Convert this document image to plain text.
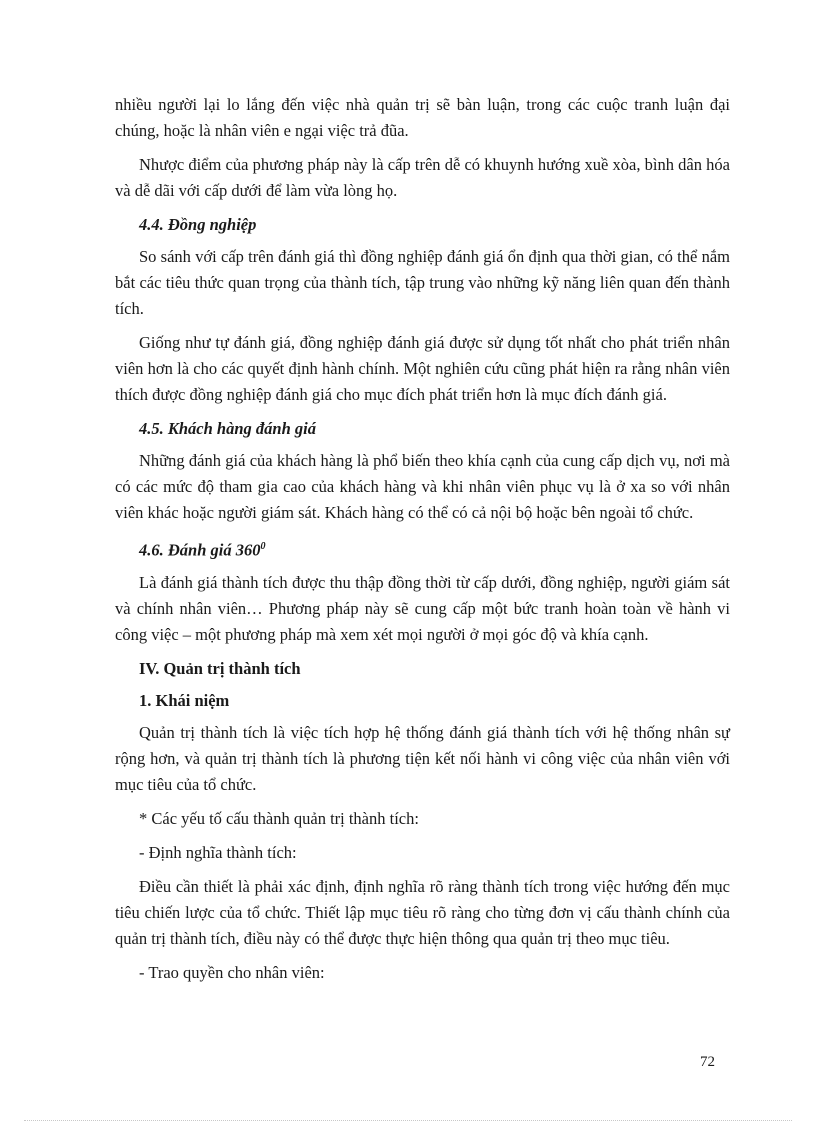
nhiều người lại lo lắng đến việc nhà quản trị sẽ bàn luận, trong các cuộc tranh luận đại chúng, hoặc là nhân viên e ngại việc trả đũa.

Nhược điểm của phương pháp này là cấp trên dễ có khuynh hướng xuề xòa, bình dân hóa và dễ dãi với cấp dưới để làm vừa lòng họ.

4.4. Đồng nghiệp

So sánh với cấp trên đánh giá thì đồng nghiệp đánh giá ổn định qua thời gian, có thể nắm bắt các tiêu thức quan trọng của thành tích, tập trung vào những kỹ năng liên quan đến thành tích.

Giống như tự đánh giá, đồng nghiệp đánh giá được sử dụng tốt nhất cho phát triển nhân viên hơn là cho các quyết định hành chính. Một nghiên cứu cũng phát hiện ra rằng nhân viên thích được đồng nghiệp đánh giá cho mục đích phát triển hơn là mục đích đánh giá.

4.5. Khách hàng đánh giá

Những đánh giá của khách hàng là phổ biến theo khía cạnh của cung cấp dịch vụ, nơi mà có các mức độ tham gia cao của khách hàng và khi nhân viên phục vụ là ở xa so với nhân viên khác hoặc người giám sát. Khách hàng có thể có cả nội bộ hoặc bên ngoài tổ chức.

4.6. Đánh giá $360^0$

Là đánh giá thành tích được thu thập đồng thời từ cấp dưới, đồng nghiệp, người giám sát và chính nhân viên… Phương pháp này sẽ cung cấp một bức tranh hoàn toàn về hành vi công việc – một phương pháp mà xem xét mọi người ở mọi góc độ và khía cạnh.

IV. Quản trị thành tích
1. Khái niệm

Quản trị thành tích là việc tích hợp hệ thống đánh giá thành tích với hệ thống nhân sự rộng hơn, và quản trị thành tích là phương tiện kết nối hành vi công việc của nhân viên với mục tiêu của tổ chức.

* Các yếu tố cấu thành quản trị thành tích:
- Định nghĩa thành tích:

Điều cần thiết là phải xác định, định nghĩa rõ ràng thành tích trong việc hướng đến mục tiêu chiến lược của tổ chức. Thiết lập mục tiêu rõ ràng cho từng đơn vị cấu thành chính của quản trị thành tích, điều này có thể được thực hiện thông qua quản trị theo mục tiêu.

- Trao quyền cho nhân viên:
72
